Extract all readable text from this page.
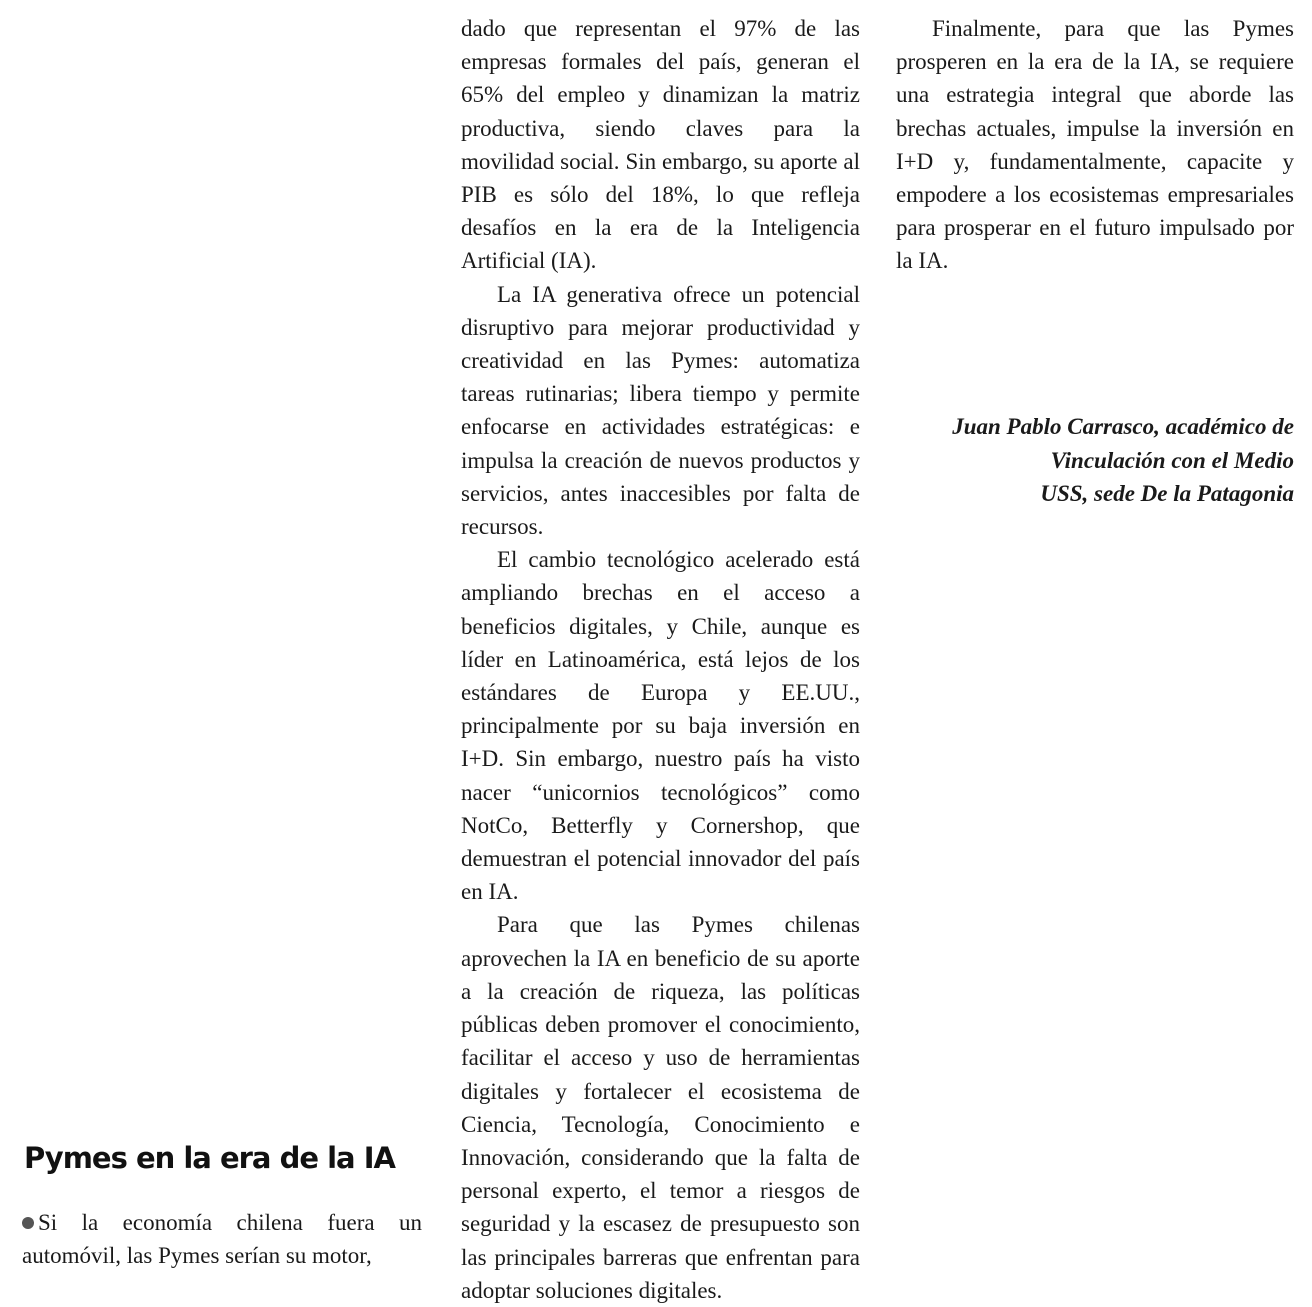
Pymes en la era de la IA

Si la economía chilena fuera un automóvil, las Pymes serían su motor,

dado que representan el 97% de las empresas formales del país, generan el 65% del empleo y dinamizan la matriz productiva, siendo claves para la movilidad social. Sin embargo, su aporte al PIB es sólo del 18%, lo que refleja desafíos en la era de la Inteligencia Artificial (IA).

La IA generativa ofrece un potencial disruptivo para mejorar productividad y creatividad en las Pymes: automatiza tareas rutinarias; libera tiempo y permite enfocarse en actividades estratégicas: e impulsa la creación de nuevos productos y servicios, antes inaccesibles por falta de recursos.

El cambio tecnológico acelerado está ampliando brechas en el acceso a beneficios digitales, y Chile, aunque es líder en Latinoamérica, está lejos de los estándares de Europa y EE.UU., principalmente por su baja inversión en I+D. Sin embargo, nuestro país ha visto nacer “unicornios tecnológicos” como NotCo, Betterfly y Cornershop, que demuestran el potencial innovador del país en IA.

Para que las Pymes chilenas aprovechen la IA en beneficio de su aporte a la creación de riqueza, las políticas públicas deben promover el conocimiento, facilitar el acceso y uso de herramientas digitales y fortalecer el ecosistema de Ciencia, Tecnología, Conocimiento e Innovación, considerando que la falta de personal experto, el temor a riesgos de seguridad y la escasez de presupuesto son las principales barreras que enfrentan para adoptar soluciones digitales.

Finalmente, para que las Pymes prosperen en la era de la IA, se requiere una estrategia integral que aborde las brechas actuales, impulse la inversión en I+D y, fundamentalmente, capacite y empodere a los ecosistemas empresariales para prosperar en el futuro impulsado por la IA.

Juan Pablo Carrasco, académico de
Vinculación con el Medio
USS, sede De la Patagonia
